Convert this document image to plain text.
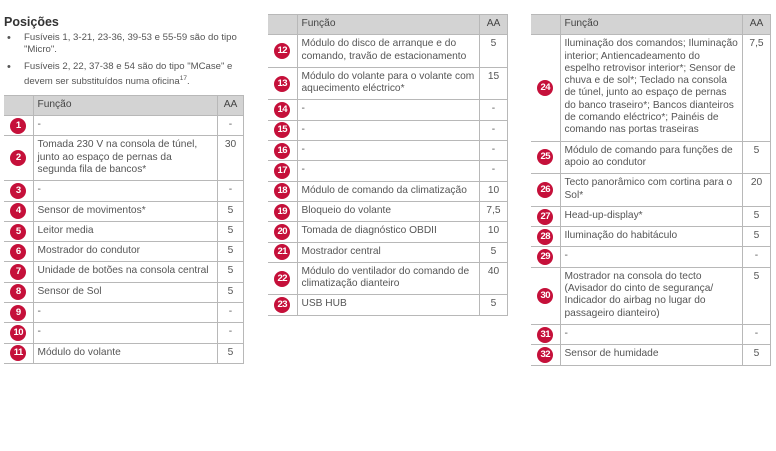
Posições
• Fusíveis 1, 3-21, 23-36, 39-53 e 55-59 são do tipo "Micro".
• Fusíveis 2, 22, 37-38 e 54 são do tipo "MCase" e devem ser substituídos numa oficina$^{17}$.
	Função	AA
1	-	-
2	Tomada 230 V na consola de túnel, junto ao espaço de pernas da segunda fila de bancos*	30
3	-	-
4	Sensor de movimentos*	5
5	Leitor media	5
6	Mostrador do condutor	5
7	Unidade de botões na consola central	5
8	Sensor de Sol	5
9	-	-
10	-	-
11	Módulo do volante	5
	Função	AA
12	Módulo do disco de arranque e do comando, travão de estacionamento	5
13	Módulo do volante para o volante com aquecimento eléctrico*	15
14	-	-
15	-	-
16	-	-
17	-	-
18	Módulo de comando da climatização	10
19	Bloqueio do volante	7,5
20	Tomada de diagnóstico OBDII	10
21	Mostrador central	5
22	Módulo do ventilador do comando de climatização dianteiro	40
23	USB HUB	5
	Função	AA
24	Iluminação dos comandos; Iluminação interior; Antiencadeamento do espelho retrovisor interior*; Sensor de chuva e de sol*; Teclado na consola de túnel, junto ao espaço de pernas do banco traseiro*; Bancos dianteiros de comando eléctrico*; Painéis de comando nas portas traseiras	7,5
25	Módulo de comando para funções de apoio ao condutor	5
26	Tecto panorâmico com cortina para o Sol*	20
27	Head-up-display*	5
28	Iluminação do habitáculo	5
29	-	-
30	Mostrador na consola do tecto (Avisador do cinto de segurança/ Indicador do airbag no lugar do passageiro dianteiro)	5
31	-	-
32	Sensor de humidade	5
